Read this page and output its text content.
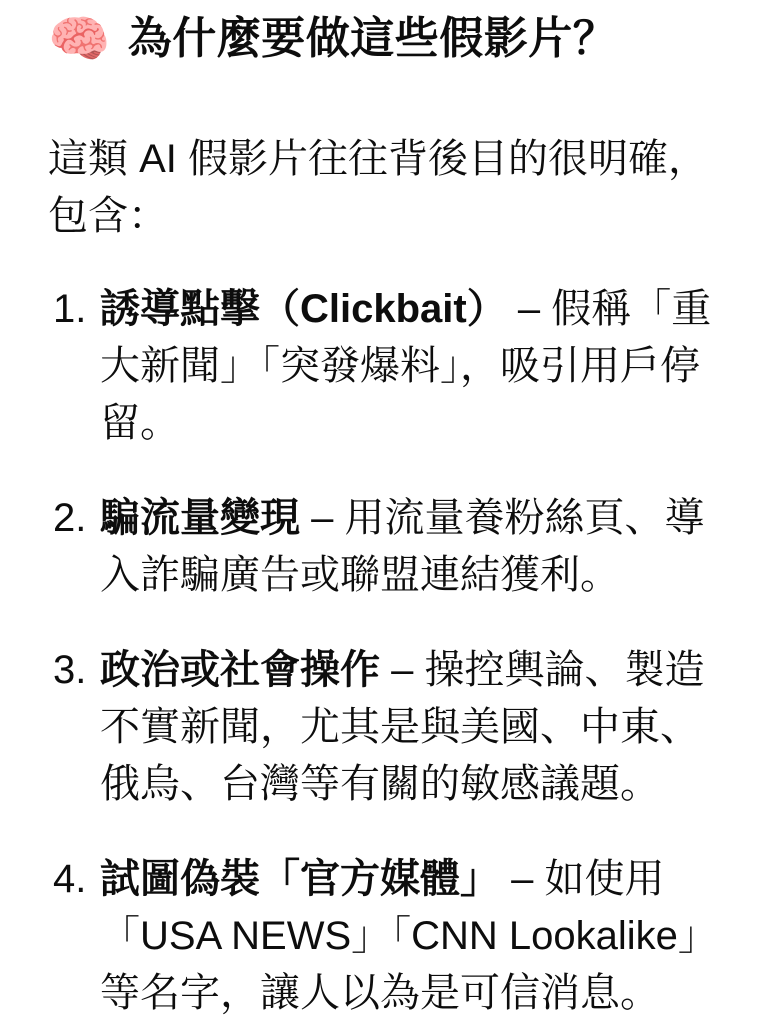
🧠 為什麼要做這些假影片？

這類 AI 假影片往往背後目的很明確，包含：

1. 誘導點擊（Clickbait） – 假稱「重大新聞」「突發爆料」，吸引用戶停留。
2. 騙流量變現 – 用流量養粉絲頁、導入詐騙廣告或聯盟連結獲利。
3. 政治或社會操作 – 操控輿論、製造不實新聞，尤其是與美國、中東、俄烏、台灣等有關的敏感議題。
4. 試圖偽裝「官方媒體」 – 如使用「USA NEWS」「CNN Lookalike」等名字，讓人以為是可信消息。
